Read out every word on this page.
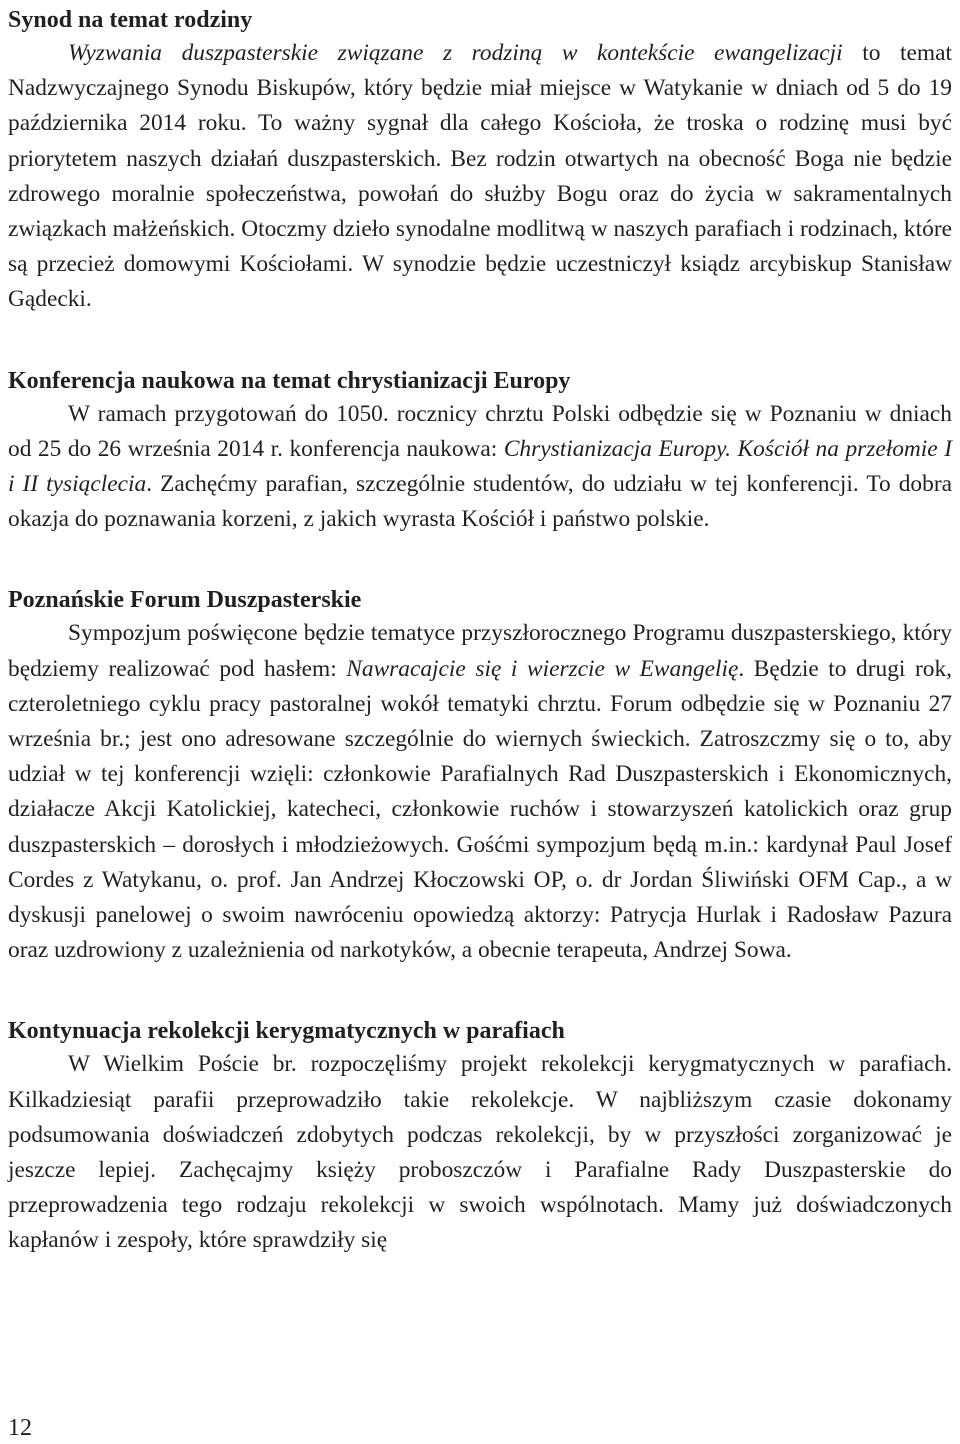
Synod na temat rodziny

Wyzwania duszpasterskie związane z rodziną w kontekście ewangelizacji to temat Nadzwyczajnego Synodu Biskupów, który będzie miał miejsce w Watykanie w dniach od 5 do 19 października 2014 roku. To ważny sygnał dla całego Kościoła, że troska o rodzinę musi być priorytetem naszych działań duszpasterskich. Bez rodzin otwartych na obecność Boga nie będzie zdrowego moralnie społeczeństwa, powołań do służby Bogu oraz do życia w sakramentalnych związkach małżeńskich. Otoczmy dzieło synodalne modlitwą w naszych parafiach i rodzinach, które są przecież domowymi Kościołami. W synodzie będzie uczestniczył ksiądz arcybiskup Stanisław Gądecki.

Konferencja naukowa na temat chrystianizacji Europy

W ramach przygotowań do 1050. rocznicy chrztu Polski odbędzie się w Poznaniu w dniach od 25 do 26 września 2014 r. konferencja naukowa: Chrystianizacja Europy. Kościół na przełomie I i II tysiąclecia. Zachęćmy parafian, szczególnie studentów, do udziału w tej konferencji. To dobra okazja do poznawania korzeni, z jakich wyrasta Kościół i państwo polskie.

Poznańskie Forum Duszpasterskie

Sympozjum poświęcone będzie tematyce przyszłorocznego Programu duszpasterskiego, który będziemy realizować pod hasłem: Nawracajcie się i wierzcie w Ewangelię. Będzie to drugi rok, czteroletniego cyklu pracy pastoralnej wokół tematyki chrztu. Forum odbędzie się w Poznaniu 27 września br.; jest ono adresowane szczególnie do wiernych świeckich. Zatroszczmy się o to, aby udział w tej konferencji wzięli: członkowie Parafialnych Rad Duszpasterskich i Ekonomicznych, działacze Akcji Katolickiej, katecheci, członkowie ruchów i stowarzyszeń katolickich oraz grup duszpasterskich – dorosłych i młodzieżowych. Gośćmi sympozjum będą m.in.: kardynał Paul Josef Cordes z Watykanu, o. prof. Jan Andrzej Kłoczowski OP, o. dr Jordan Śliwiński OFM Cap., a w dyskusji panelowej o swoim nawróceniu opowiedzą aktorzy: Patrycja Hurlak i Radosław Pazura oraz uzdrowiony z uzależnienia od narkotyków, a obecnie terapeuta, Andrzej Sowa.

Kontynuacja rekolekcji kerygmatycznych w parafiach

W Wielkim Poście br. rozpoczęliśmy projekt rekolekcji kerygmatycznych w parafiach. Kilkadziesiąt parafii przeprowadziło takie rekolekcje. W najbliższym czasie dokonamy podsumowania doświadczeń zdobytych podczas rekolekcji, by w przyszłości zorganizować je jeszcze lepiej. Zachęcajmy księży proboszczów i Parafialne Rady Duszpasterskie do przeprowadzenia tego rodzaju rekolekcji w swoich wspólnotach. Mamy już doświadczonych kapłanów i zespoły, które sprawdziły się

12
